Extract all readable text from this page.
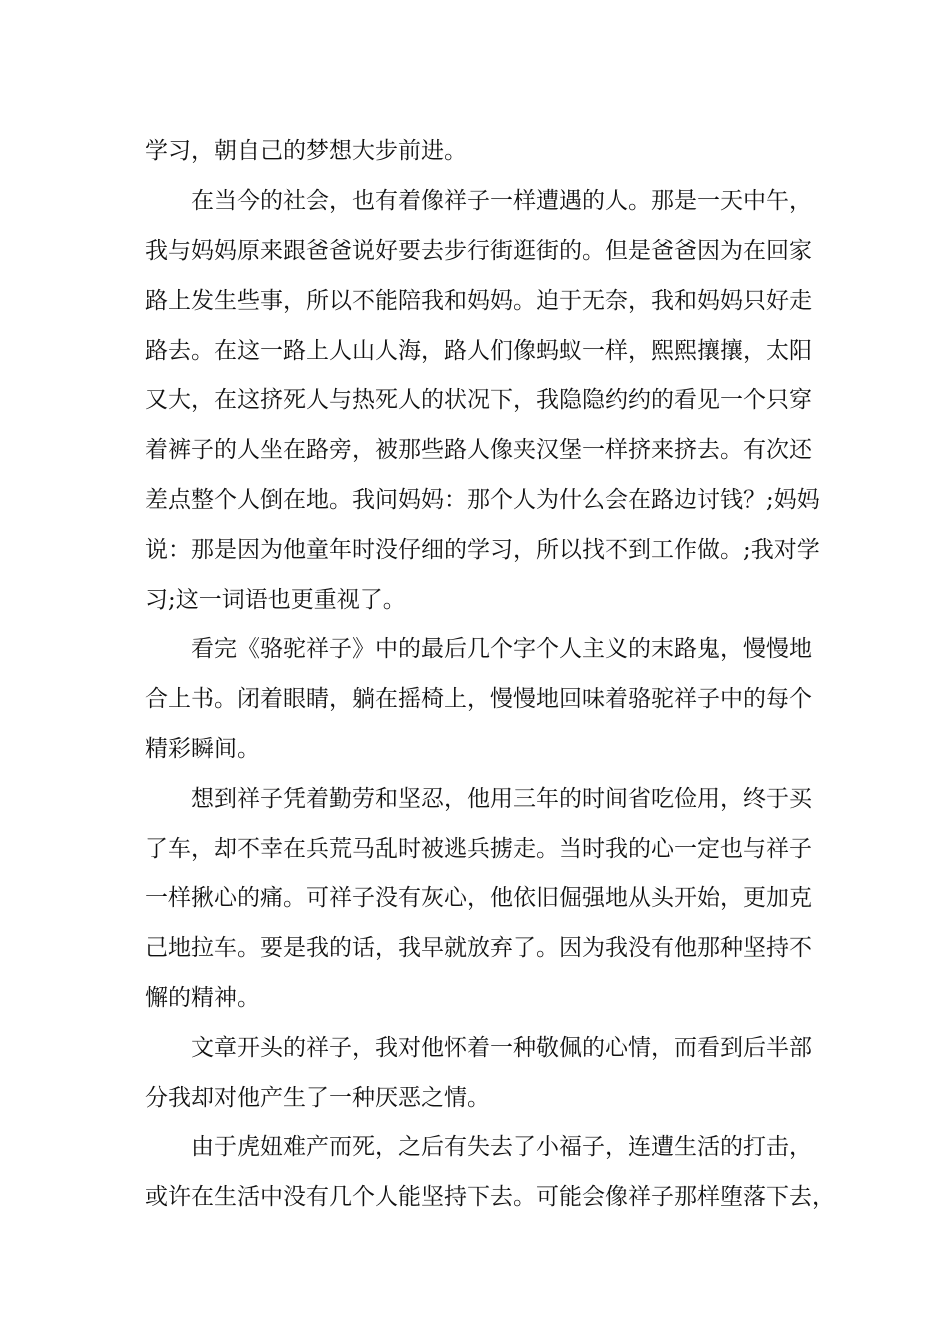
学习，朝自己的梦想大步前进。
在当今的社会，也有着像祥子一样遭遇的人。那是一天中午，
我与妈妈原来跟爸爸说好要去步行街逛街的。但是爸爸因为在回家
路上发生些事，所以不能陪我和妈妈。迫于无奈，我和妈妈只好走
路去。在这一路上人山人海，路人们像蚂蚁一样，熙熙攘攘，太阳
又大，在这挤死人与热死人的状况下，我隐隐约约的看见一个只穿
着裤子的人坐在路旁，被那些路人像夹汉堡一样挤来挤去。有次还
差点整个人倒在地。我问妈妈：那个人为什么会在路边讨钱？;妈妈
说：那是因为他童年时没仔细的学习，所以找不到工作做。;我对学
习;这一词语也更重视了。
看完《骆驼祥子》中的最后几个字个人主义的末路鬼，慢慢地
合上书。闭着眼睛，躺在摇椅上，慢慢地回味着骆驼祥子中的每个
精彩瞬间。
想到祥子凭着勤劳和坚忍，他用三年的时间省吃俭用，终于买
了车，却不幸在兵荒马乱时被逃兵掳走。当时我的心一定也与祥子
一样揪心的痛。可祥子没有灰心，他依旧倔强地从头开始，更加克
己地拉车。要是我的话，我早就放弃了。因为我没有他那种坚持不
懈的精神。
文章开头的祥子，我对他怀着一种敬佩的心情，而看到后半部
分我却对他产生了一种厌恶之情。
由于虎妞难产而死，之后有失去了小福子，连遭生活的打击，
或许在生活中没有几个人能坚持下去。可能会像祥子那样堕落下去，
